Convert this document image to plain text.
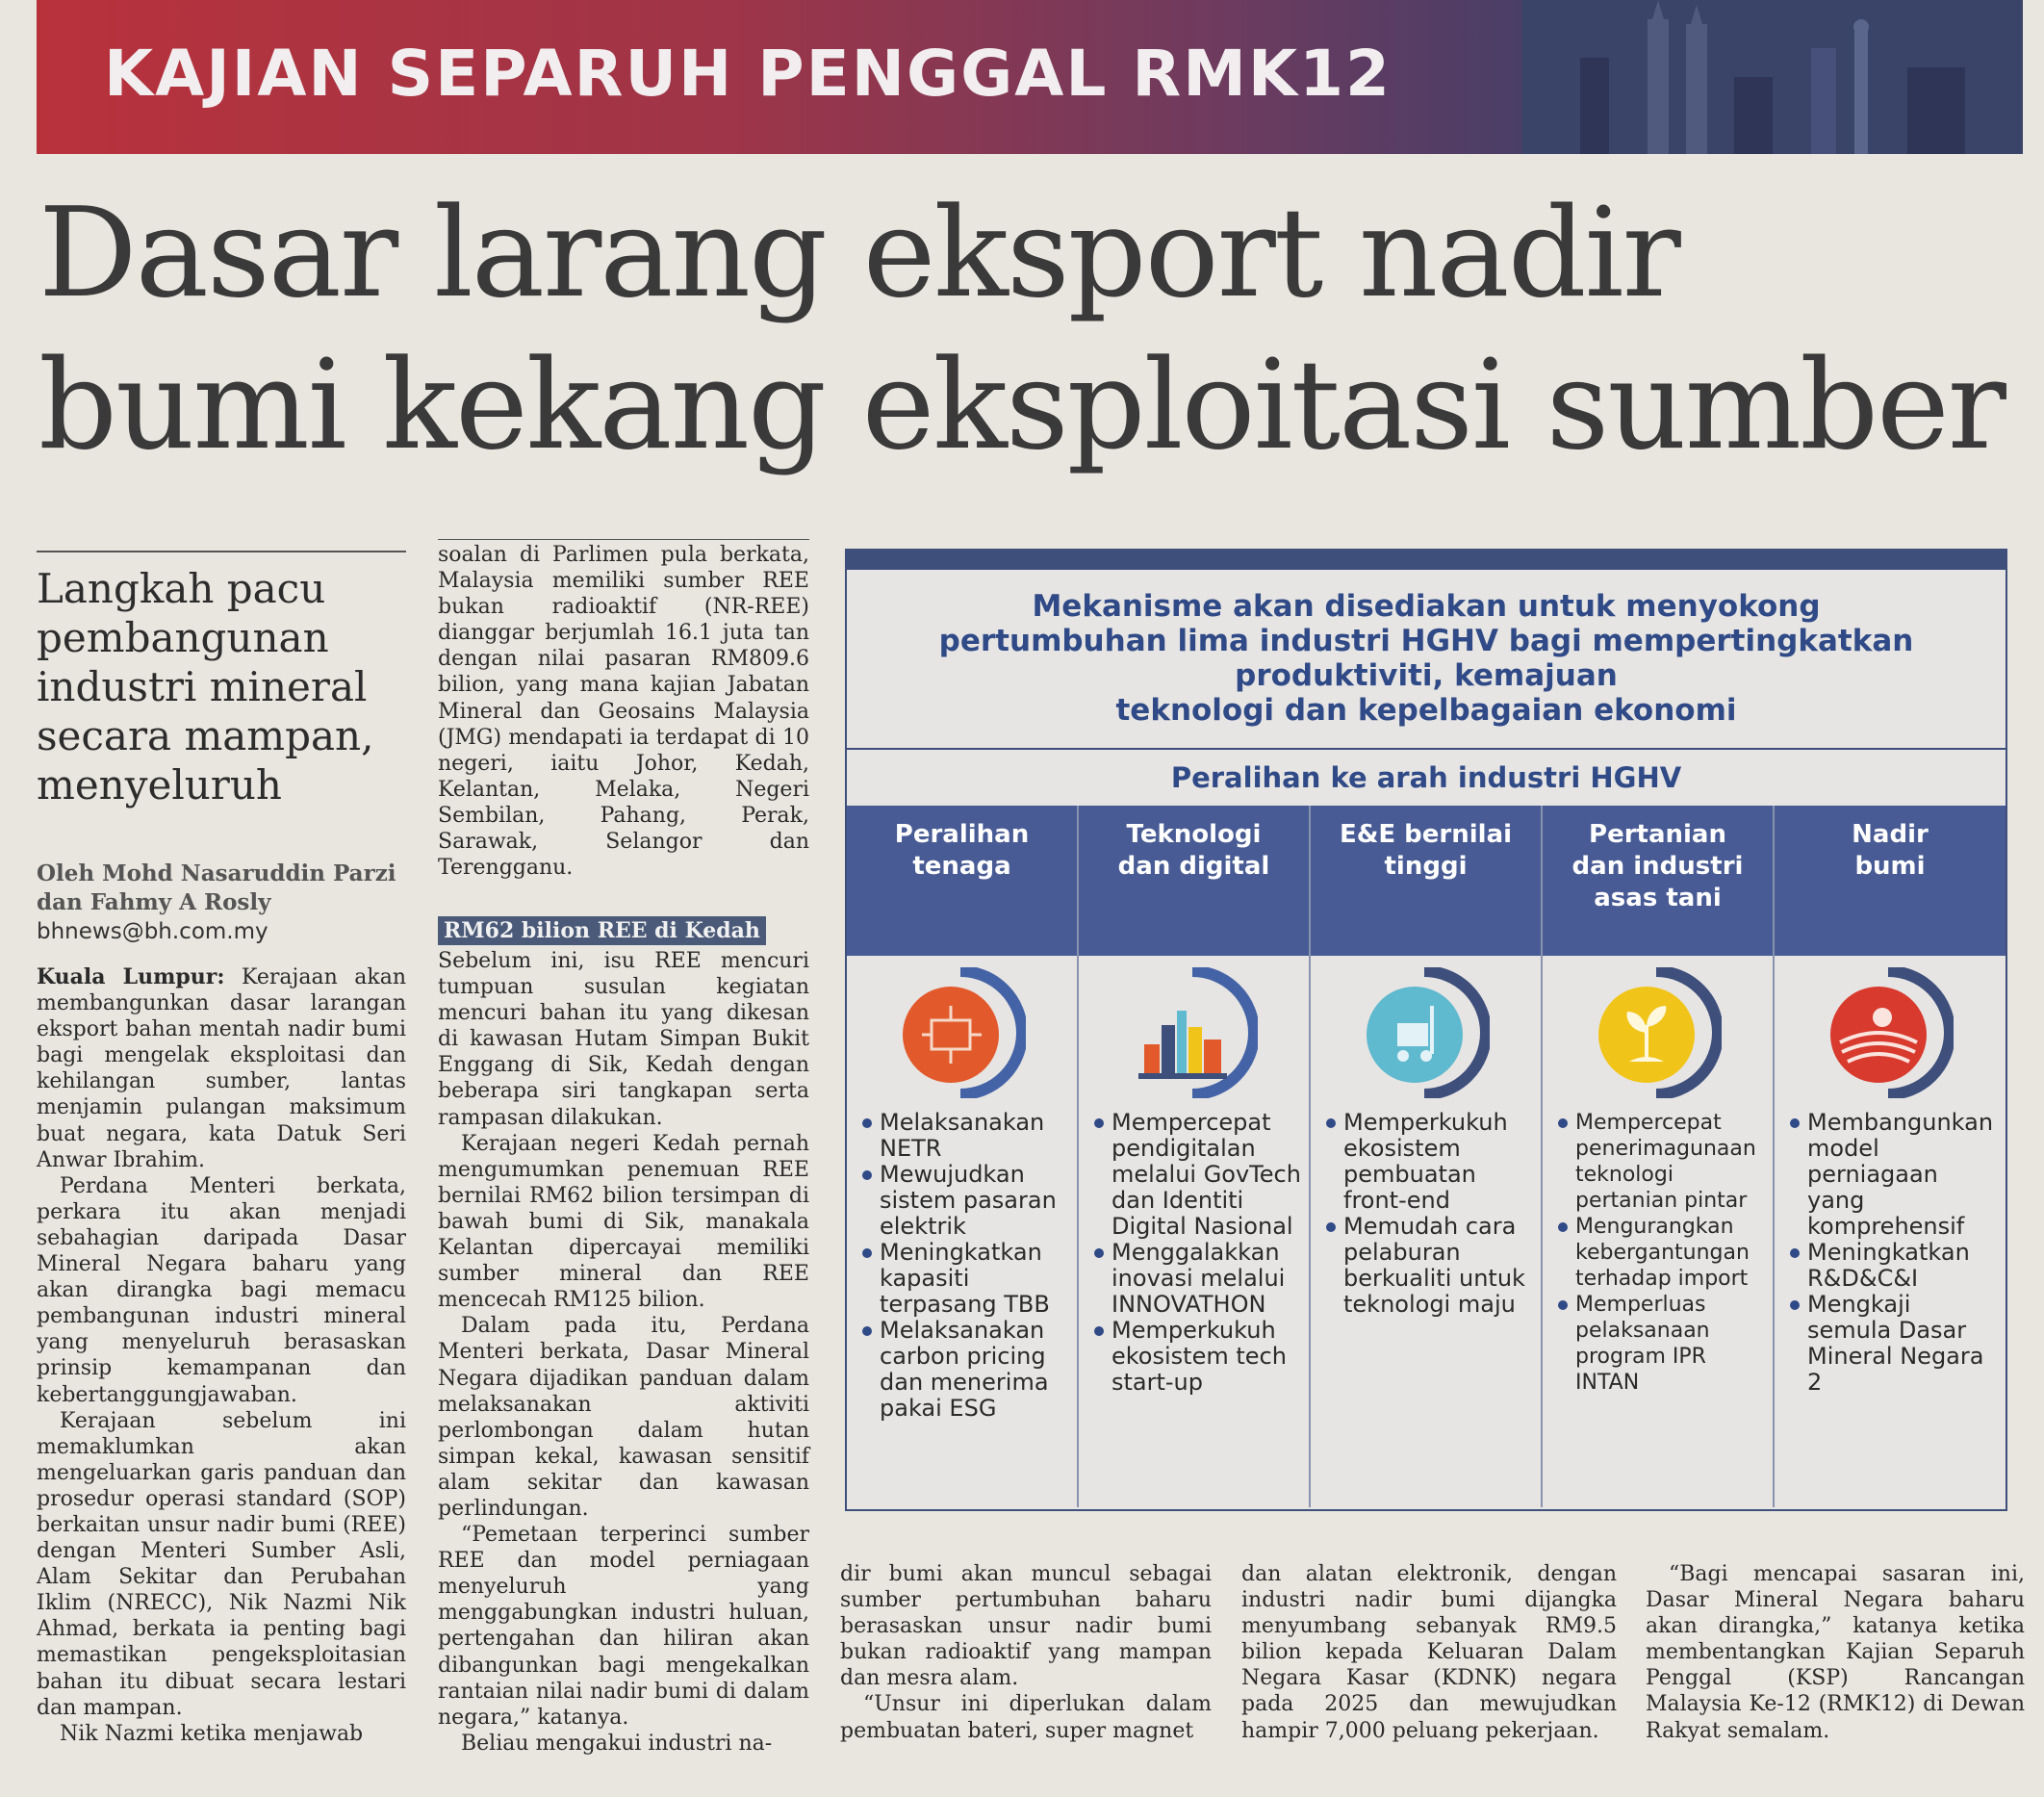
KAJIAN SEPARUH PENGGAL RMK12
Dasar larang eksport nadir
bumi kekang eksploitasi sumber
Langkah pacu
pembangunan
industri mineral
secara mampan,
menyeluruh
Oleh Mohd Nasaruddin Parzi
dan Fahmy A Rosly
bhnews@bh.com.my

Kuala Lumpur: Kerajaan akan membangunkan dasar larangan eksport bahan mentah nadir bumi bagi mengelak eksploitasi dan kehilangan sumber, lantas menjamin pulangan maksimum buat negara, kata Datuk Seri Anwar Ibrahim.

Perdana Menteri berkata, perkara itu akan menjadi sebahagian daripada Dasar Mineral Negara baharu yang akan dirangka bagi memacu pembangunan industri mineral yang menyeluruh berasaskan prinsip kemampanan dan kebertanggungjawaban.

Kerajaan sebelum ini memaklumkan akan mengeluarkan garis panduan dan prosedur operasi standard (SOP) berkaitan unsur nadir bumi (REE) dengan Menteri Sumber Asli, Alam Sekitar dan Perubahan Iklim (NRECC), Nik Nazmi Nik Ahmad, berkata ia penting bagi memastikan pengeksploitasian bahan itu dibuat secara lestari dan mampan.

Nik Nazmi ketika menjawab

soalan di Parlimen pula berkata, Malaysia memiliki sumber REE bukan radioaktif (NR-REE) dianggar berjumlah 16.1 juta tan dengan nilai pasaran RM809.6 bilion, yang mana kajian Jabatan Mineral dan Geosains Malaysia (JMG) mendapati ia terdapat di 10 negeri, iaitu Johor, Kedah, Kelantan, Melaka, Negeri Sembilan, Pahang, Perak, Sarawak, Selangor dan Terengganu.

RM62 bilion REE di Kedah

Sebelum ini, isu REE mencuri tumpuan susulan kegiatan mencuri bahan itu yang dikesan di kawasan Hutam Simpan Bukit Enggang di Sik, Kedah dengan beberapa siri tangkapan serta rampasan dilakukan.

Kerajaan negeri Kedah pernah mengumumkan penemuan REE bernilai RM62 bilion tersimpan di bawah bumi di Sik, manakala Kelantan dipercayai memiliki sumber mineral dan REE mencecah RM125 bilion.

Dalam pada itu, Perdana Menteri berkata, Dasar Mineral Negara dijadikan panduan dalam melaksanakan aktiviti perlombongan dalam hutan simpan kekal, kawasan sensitif alam sekitar dan kawasan perlindungan.

“Pemetaan terperinci sumber REE dan model perniagaan menyeluruh yang menggabungkan industri huluan, pertengahan dan hiliran akan dibangunkan bagi mengekalkan rantaian nilai nadir bumi di dalam negara,” katanya.

Beliau mengakui industri na-

dir bumi akan muncul sebagai sumber pertumbuhan baharu berasaskan unsur nadir bumi bukan radioaktif yang mampan dan mesra alam.

“Unsur ini diperlukan dalam pembuatan bateri, super magnet

dan alatan elektronik, dengan industri nadir bumi dijangka menyumbang sebanyak RM9.5 bilion kepada Keluaran Dalam Negara Kasar (KDNK) negara pada 2025 dan mewujudkan hampir 7,000 peluang pekerjaan.

“Bagi mencapai sasaran ini, Dasar Mineral Negara baharu akan dirangka,” katanya ketika membentangkan Kajian Separuh Penggal (KSP) Rancangan Malaysia Ke-12 (RMK12) di Dewan Rakyat semalam.

Mekanisme akan disediakan untuk menyokong
pertumbuhan lima industri HGHV bagi mempertingkatkan
produktiviti, kemajuan
teknologi dan kepelbagaian ekonomi
Peralihan ke arah industri HGHV
Peralihan
tenaga
Melaksanakan NETR
Mewujudkan sistem pasaran elektrik
Meningkatkan kapasiti terpasang TBB
Melaksanakan carbon pricing dan menerima pakai ESG
Teknologi
dan digital
Mempercepat pendigitalan melalui GovTech dan Identiti Digital Nasional
Menggalakkan inovasi melalui INNOVATHON
Memperkukuh ekosistem tech start-up
E&E bernilai
tinggi
Memperkukuh ekosistem pembuatan front-end
Memudah cara pelaburan berkualiti untuk teknologi maju
Pertanian
dan industri
asas tani
Mempercepat penerimagunaan teknologi pertanian pintar
Mengurangkan kebergantungan terhadap import
Memperluas pelaksanaan program IPR INTAN
Nadir
bumi
Membangunkan model perniagaan yang komprehensif
Meningkatkan R&D&C&I
Mengkaji semula Dasar Mineral Negara 2
